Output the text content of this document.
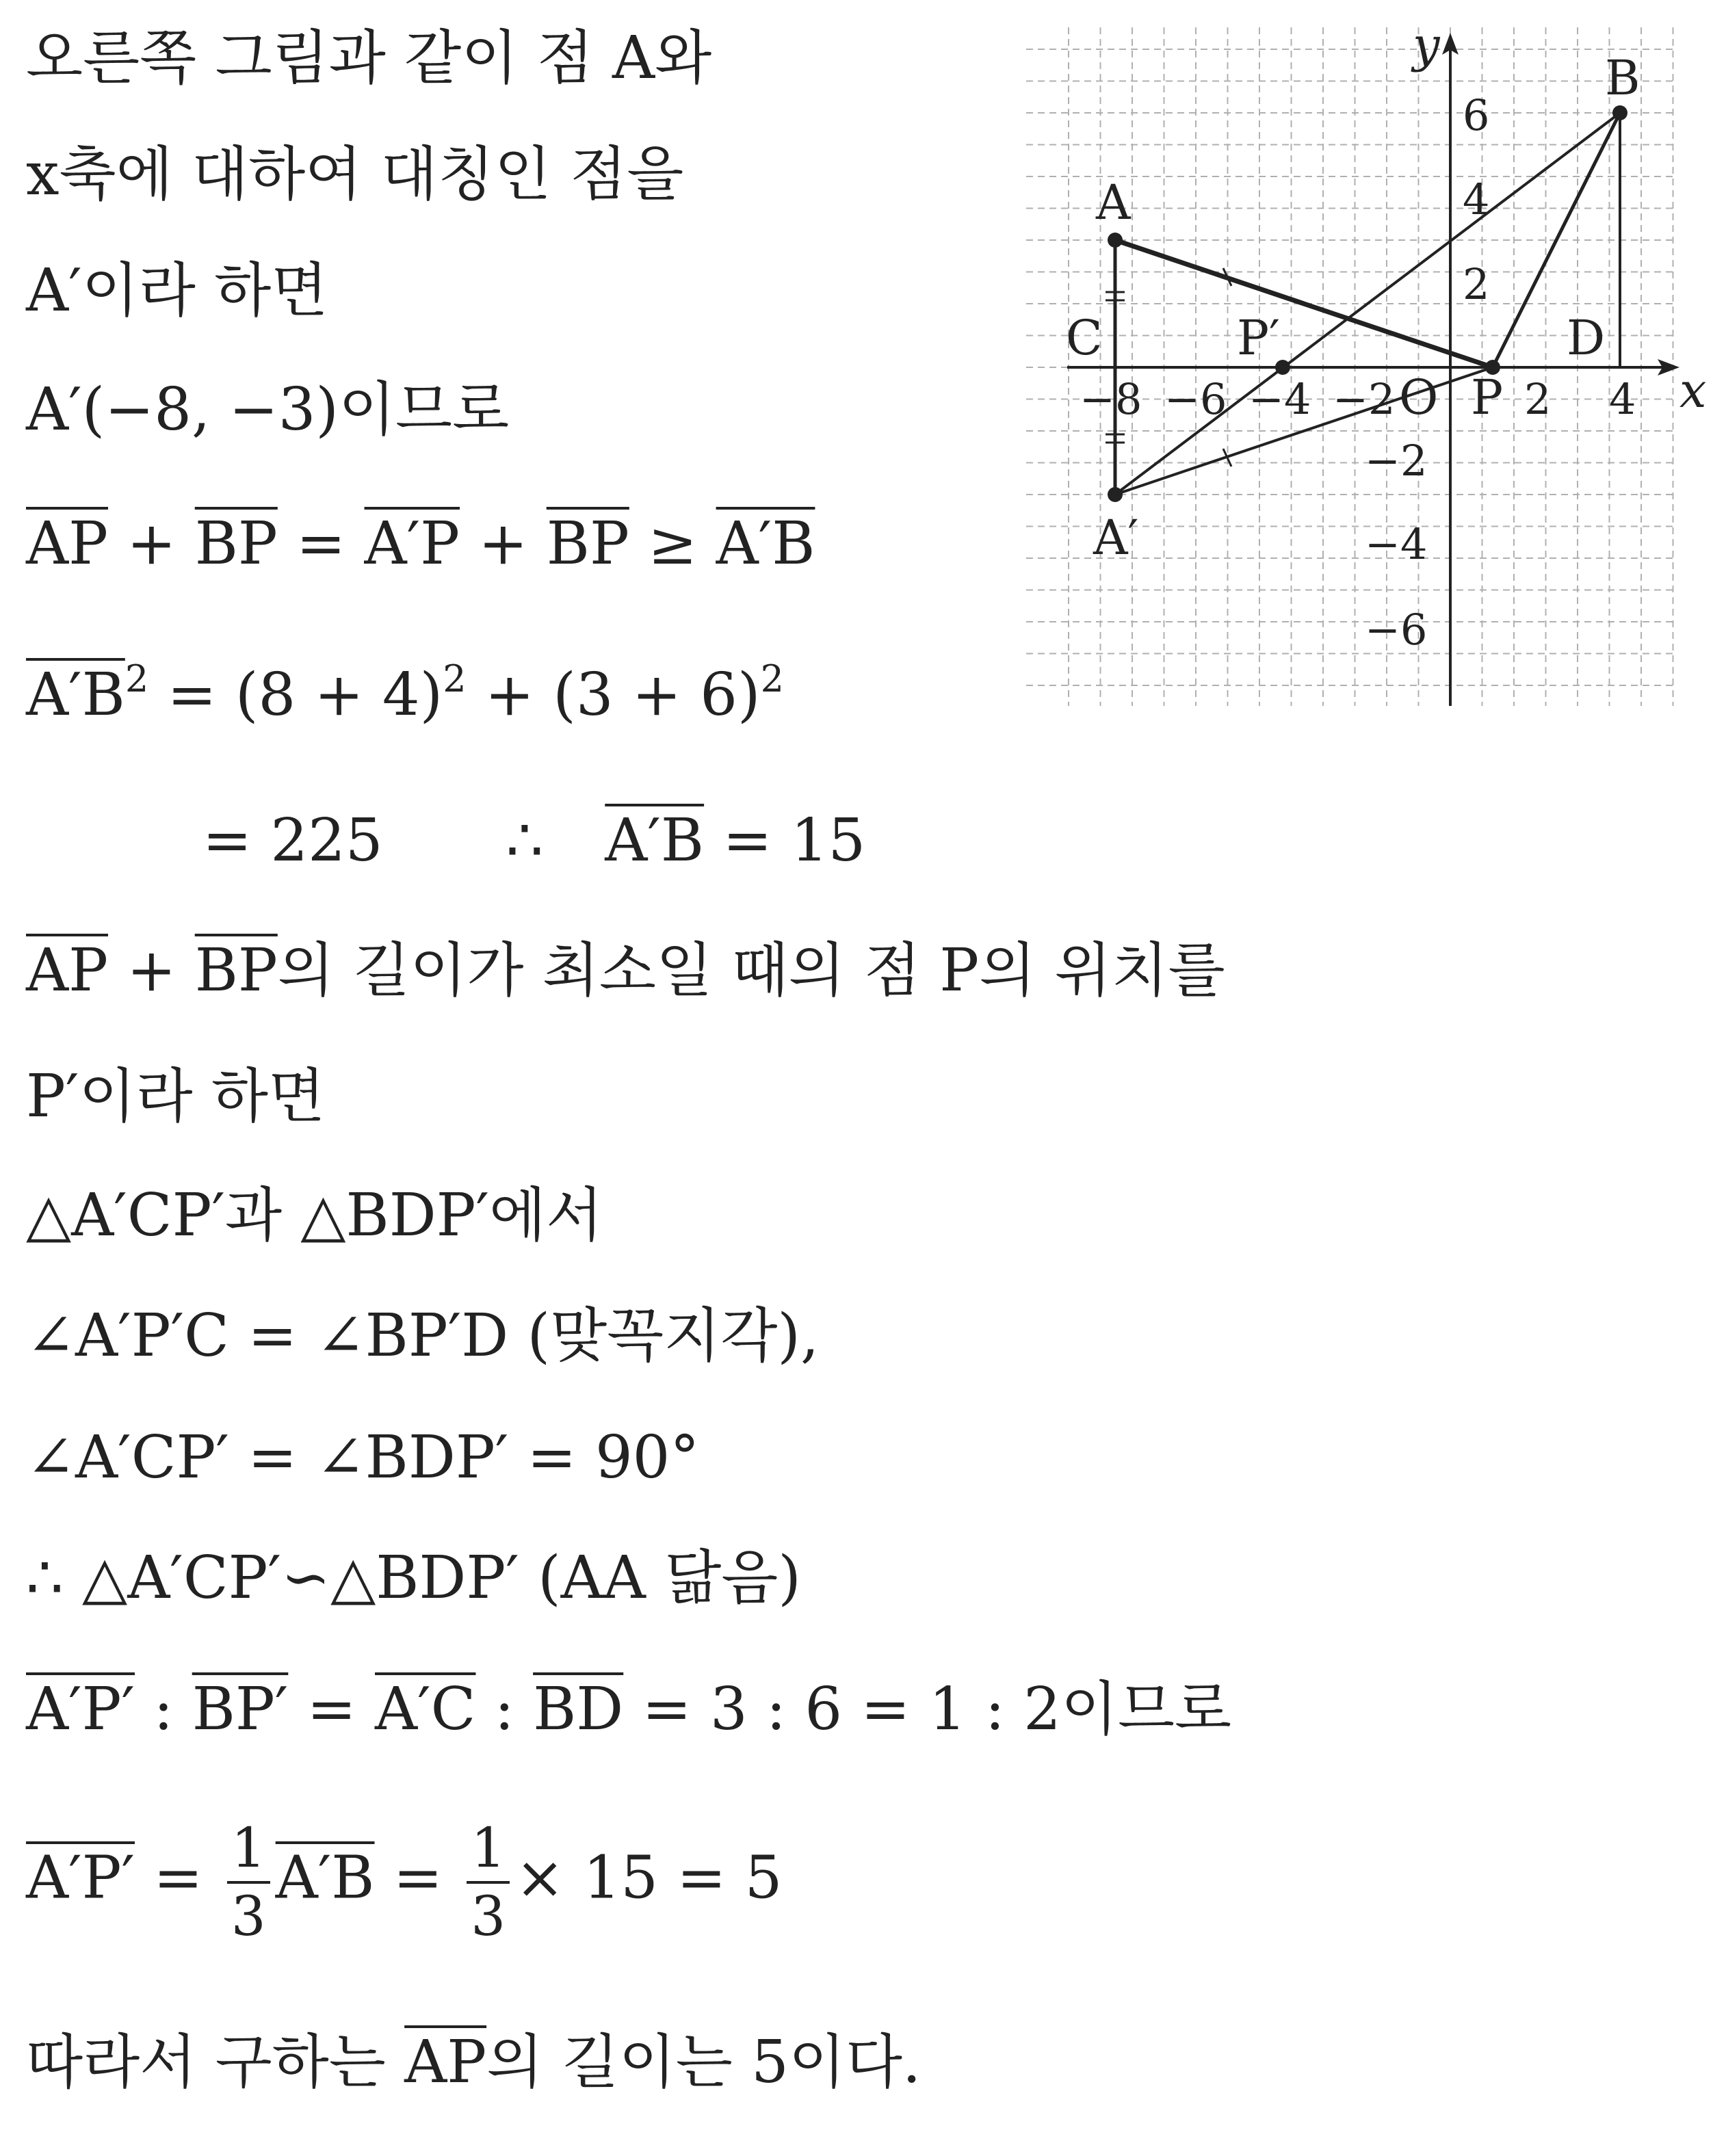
오른쪽 그림과 같이 점 A와
x축에 대하여 대칭인 점을
A′이라 하면
A′(−8, −3)이므로
$\overline{AP} + \overline{BP} = A'P + \overline{BP} \ge A'B$
$A'B^2 = (8 + 4)^2 + (3 + 6)^2$
= 225 ∴ A′B = 15
$\overline{AP} + \overline{BP}$의 길이가 최소일 때의 점 P의 위치를
P′이라 하면
△A′CP′과 △BDP′에서
∠A′P′C = ∠BP′D (맞꼭지각),
∠A′CP′ = ∠BDP′ = 90°
∴ △A′CP′∽△BDP′ (AA 닮음)
A′P′ : BP′ = A′C : $\overline{BD} = 3$ : 6 = 1 : 2이므로
$A'P' = \frac{1}{3} A'B = \frac{1}{3} \times 15 = 5$
따라서 구하는 $\overline{AP}$의 길이는 5이다.
x
y
O
−8 −6 −4 −2	2 4
6
4
2
−2
−4
−6
A
A′
B
C	D
P
P′
